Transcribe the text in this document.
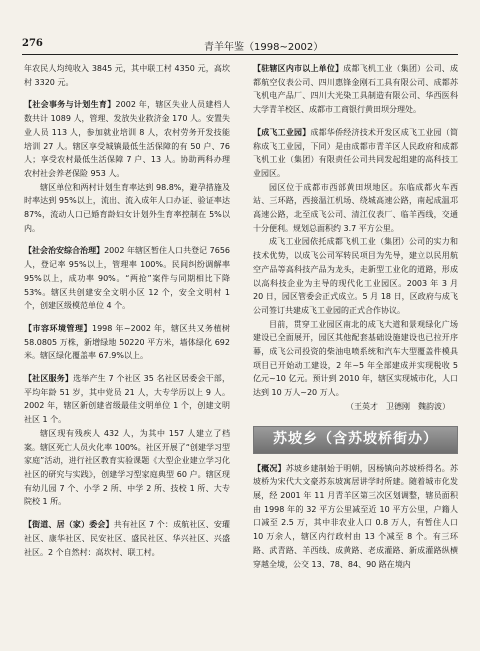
276	青羊年鉴（1998~2002）

年农民人均纯收入 3845 元，其中联工村 4350 元，高坎村 3320 元。

【社会事务与计划生育】2002 年，辖区失业人员建档人数共计 1089 人，管理、发放失业救济金 170 人。安置失业人员 113 人，参加就业培训 8 人，农村劳务开发技能培训 27 人。辖区享受城镇最低生活保障的有 50 户、76 人；享受农村最低生活保障 7 户、13 人。协助两科办理农村社会养老保险 953 人。

辖区单位和两村计划生育率达到 98.8%，避孕措施及时率达到 95%以上，流出、流入成年人口办证、验证率达 87%，流动人口已婚育龄妇女计划外生育率控制在 5%以内。

【社会治安综合治理】2002 年辖区暂住人口共登记 7656 人，登记率 95%以上，管理率 100%。民间纠纷调解率 95%以上，成功率 90%。“两抢”案件与同期相比下降 53%。辖区共创建安全文明小区 12 个，安全文明村 1 个，创建区级模范单位 4 个。

【市容环境管理】1998 年~2002 年，辖区共又务植树 58.0805 万株，新增绿地 50220 平方米，墙体绿化 692 米。辖区绿化覆盖率 67.9%以上。

【社区服务】选举产生 7 个社区 35 名社区居委会干部，平均年龄 51 岁，其中党员 21 人，大专学历以上 9 人。2002 年，辖区新创建省级最佳文明单位 1 个，创建文明社区 1 个。

辖区现有残疾人 432 人，为其中 157 人建立了档案。辖区死亡人员火化率 100%。社区开展了“创建学习型家庭”活动，进行社区教育实验课题《大型企业建立学习化社区的研究与实践》，创建学习型家庭典型 60 户。辖区现有幼儿园 7 个、小学 2 所、中学 2 所、技校 1 所、大专院校 1 所。

【街道、居（家）委会】共有社区 7 个：成航社区、安瓘社区、康华社区、民安社区、盛民社区、华兴社区、兴盛社区。2 个自然村：高坎村、联工村。

【驻辖区内市以上单位】成都飞机工业（集团）公司、成都航空仪表公司、四川惠锋金刚石工具有限公司、成都苏飞机电产品厂、四川大光染工具制造有限公司、华西医科大学青羊校区、成都市工商银行黄田坝分理处。

【成飞工业园】成都华侨经济技术开发区成飞工业园（简称成飞工业园，下同）是由成都市青羊区人民政府和成都飞机工业（集团）有限责任公司共同发起组建的高科技工业园区。

园区位于成都市西部黄田坝地区。东临成都火车西站、三环路，西接温江机场、绕城高速公路，南起成温邛高速公路，北至成飞公司、清江仪表厂、临羊西线，交通十分便利。规划总面积约 3.7 平方公里。

成飞工业园依托成都飞机工业（集团）公司的实力和技术优势，以成飞公司军转民项目为先导，建立以民用航空产品等高科技产品为龙头，走新型工业化的道路，形成以高科技企业为主导的现代化工业园区。2003 年 3 月 20 日，园区管委会正式成立。5 月 18 日，区政府与成飞公司签订共建成飞工业园的正式合作协议。

目前，贯穿工业园区南北的成飞大道和景观绿化广场建设已全面展开，园区其他配套基础设施建设也已拉开序幕，成飞公司投资的柴油电喷系统和汽车大型覆盖件模具项目已开始动工建设，2 年~5 年全部建成并实现税收 5 亿元~10 亿元。预计到 2010 年，辖区实现城市化，人口达到 10 万人~20 万人。

（王英才　卫德刚　魏韵波）

苏坡乡（含苏坡桥街办）

【概况】苏坡乡建制始于明朝，因杨镇向苏坡桥得名。苏坡桥为宋代大文豪苏东坡寓居讲学时所建。随着城市化发展，经 2001 年 11 月青羊区第三次区划调整，辖员面积由 1998 年的 32 平方公里减至近 10 平方公里，户籍人口减至 2.5 万，其中非农业人口 0.8 万人，有暂住人口 10 万余人，辖区内行政村由 13 个减至 8 个。有三环路、武青路、羊西线、成黄路、老成灌路、新成灌路纵横穿越全境，公交 13、78、84、90 路在境内
